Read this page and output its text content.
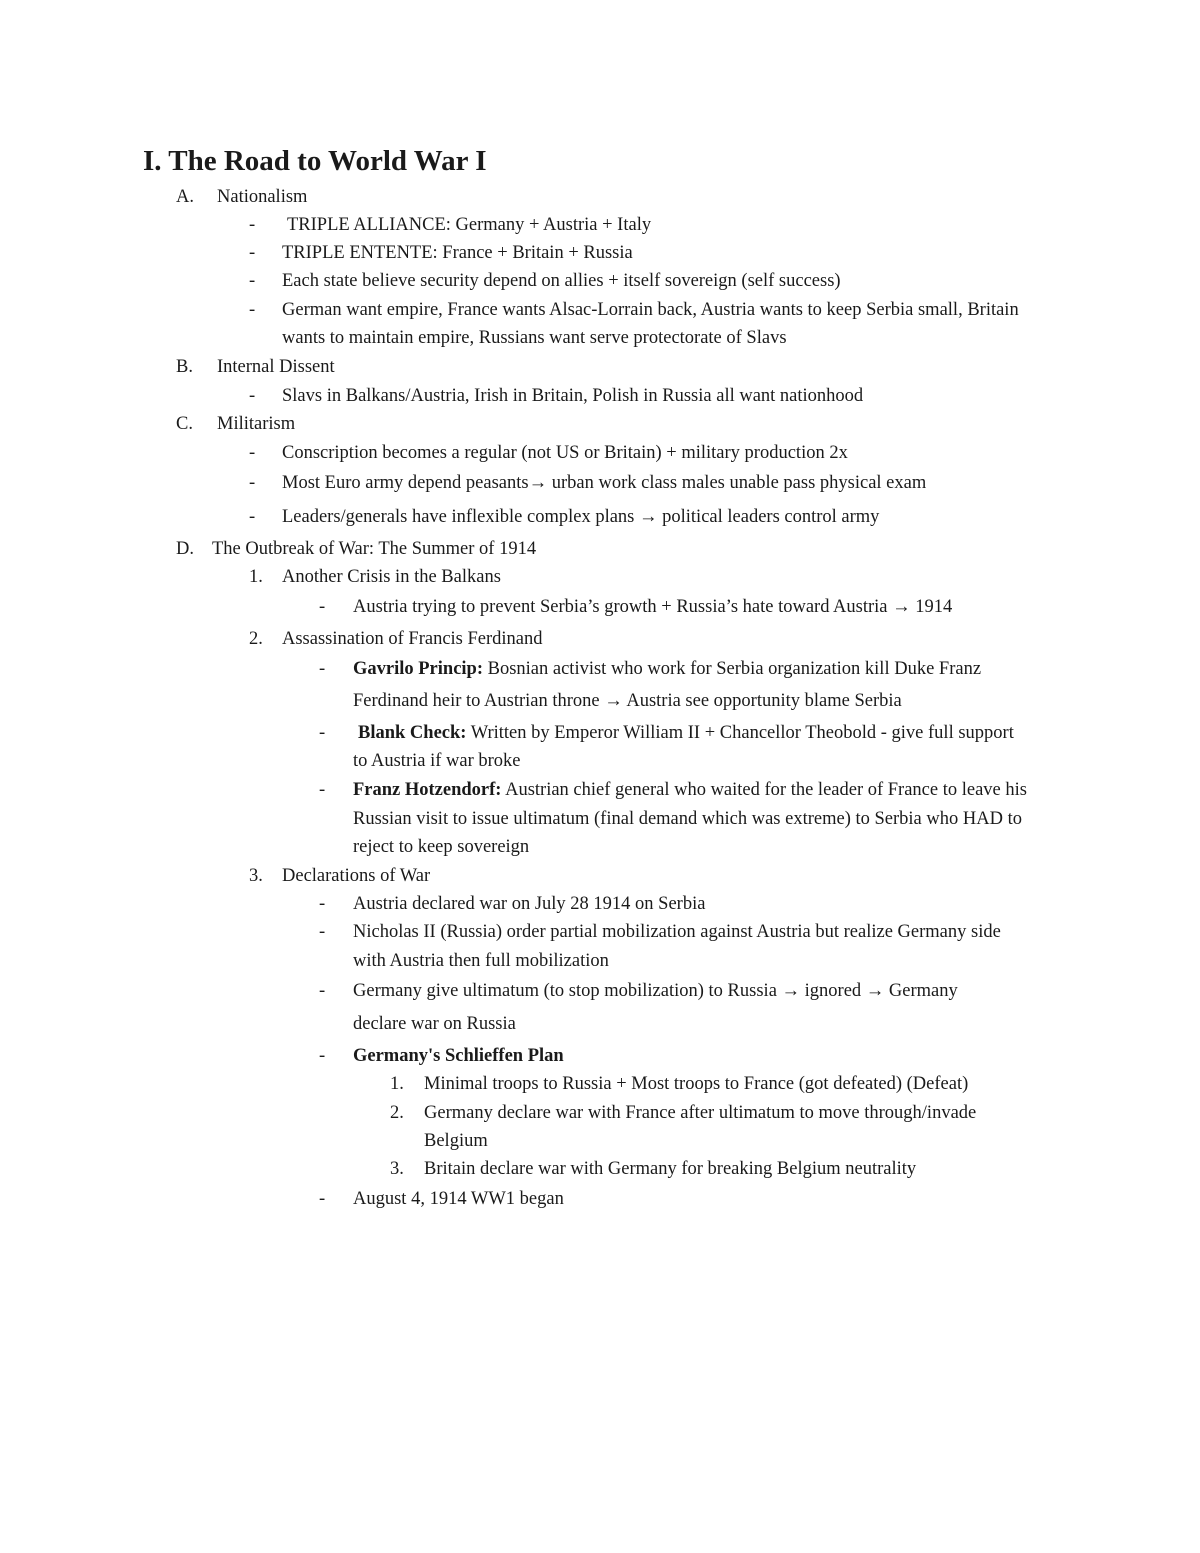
I. The Road to World War I
A. Nationalism
- TRIPLE ALLIANCE: Germany + Austria + Italy
- TRIPLE ENTENTE: France + Britain + Russia
- Each state believe security depend on allies + itself sovereign (self success)
- German want empire, France wants Alsac-Lorrain back, Austria wants to keep Serbia small, Britain
wants to maintain empire, Russians want serve protectorate of Slavs
B. Internal Dissent
- Slavs in Balkans/Austria, Irish in Britain, Polish in Russia all want nationhood
C. Militarism
- Conscription becomes a regular (not US or Britain) + military production 2x
- Most Euro army depend peasants→ urban work class males unable pass physical exam
- Leaders/generals have inflexible complex plans → political leaders control army
D. The Outbreak of War: The Summer of 1914
1. Another Crisis in the Balkans
- Austria trying to prevent Serbia’s growth + Russia’s hate toward Austria → 1914
2. Assassination of Francis Ferdinand
- Gavrilo Princip: Bosnian activist who work for Serbia organization kill Duke Franz
Ferdinand heir to Austrian throne → Austria see opportunity blame Serbia
- Blank Check: Written by Emperor William II + Chancellor Theobold - give full support
to Austria if war broke
- Franz Hotzendorf: Austrian chief general who waited for the leader of France to leave his
Russian visit to issue ultimatum (final demand which was extreme) to Serbia who HAD to
reject to keep sovereign
3. Declarations of War
- Austria declared war on July 28 1914 on Serbia
- Nicholas II (Russia) order partial mobilization against Austria but realize Germany side
with Austria then full mobilization
- Germany give ultimatum (to stop mobilization) to Russia → ignored → Germany
declare war on Russia
- Germany's Schlieffen Plan
1. Minimal troops to Russia + Most troops to France (got defeated) (Defeat)
2. Germany declare war with France after ultimatum to move through/invade
Belgium
3. Britain declare war with Germany for breaking Belgium neutrality
- August 4, 1914 WW1 began
